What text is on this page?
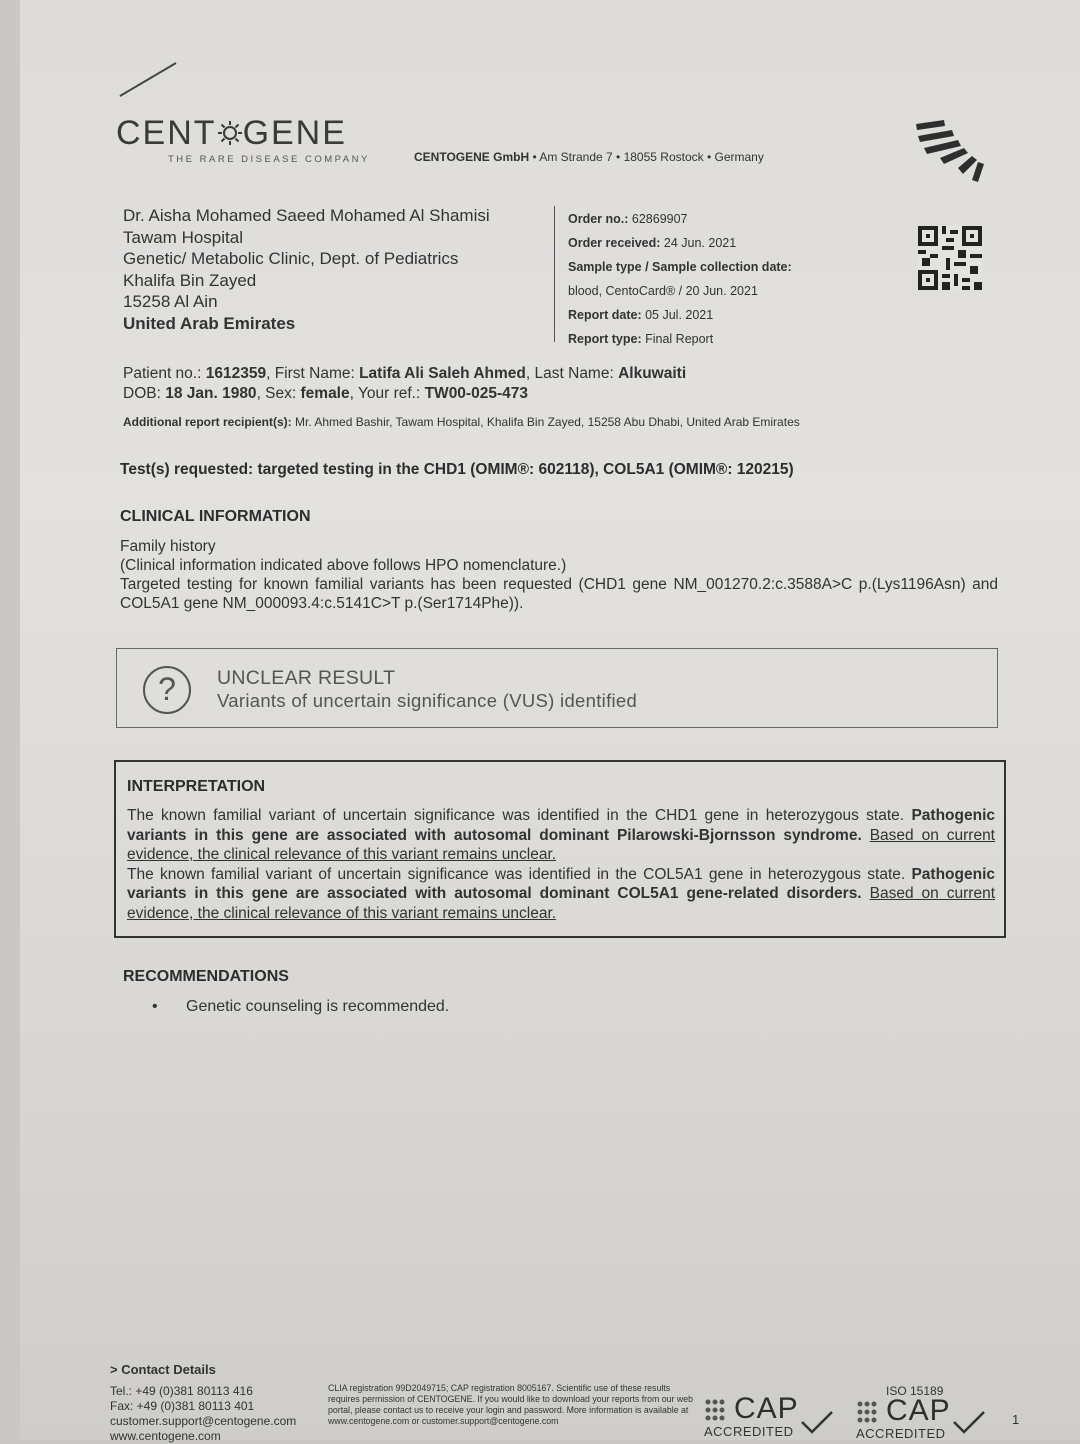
CENT GENE
THE RARE DISEASE COMPANY	CENTOGENE GmbH • Am Strande 7 • 18055 Rostock • Germany
Dr. Aisha Mohamed Saeed Mohamed Al Shamisi
Tawam Hospital
Genetic/ Metabolic Clinic, Dept. of Pediatrics
Khalifa Bin Zayed
15258 Al Ain
United Arab Emirates
Order no.: 62869907
Order received: 24 Jun. 2021
Sample type / Sample collection date:
blood, CentoCard® / 20 Jun. 2021
Report date: 05 Jul. 2021
Report type: Final Report
Patient no.: 1612359, First Name: Latifa Ali Saleh Ahmed, Last Name: Alkuwaiti
DOB: 18 Jan. 1980, Sex: female, Your ref.: TW00-025-473
Additional report recipient(s): Mr. Ahmed Bashir, Tawam Hospital, Khalifa Bin Zayed, 15258 Abu Dhabi, United Arab Emirates
Test(s) requested: targeted testing in the CHD1 (OMIM®: 602118), COL5A1 (OMIM®: 120215)
CLINICAL INFORMATION
Family history
(Clinical information indicated above follows HPO nomenclature.)
Targeted testing for known familial variants has been requested (CHD1 gene NM_001270.2:c.3588A>C p.(Lys1196Asn) and COL5A1 gene NM_000093.4:c.5141C>T p.(Ser1714Phe)).
?	UNCLEAR RESULT
Variants of uncertain significance (VUS) identified
INTERPRETATION

The known familial variant of uncertain significance was identified in the CHD1 gene in heterozygous state. Pathogenic variants in this gene are associated with autosomal dominant Pilarowski-Bjornsson syndrome. Based on current evidence, the clinical relevance of this variant remains unclear.

The known familial variant of uncertain significance was identified in the COL5A1 gene in heterozygous state. Pathogenic variants in this gene are associated with autosomal dominant COL5A1 gene-related disorders. Based on current evidence, the clinical relevance of this variant remains unclear.

RECOMMENDATIONS
• Genetic counseling is recommended.
> Contact Details
Tel.: +49 (0)381 80113 416
Fax: +49 (0)381 80113 401
customer.support@centogene.com
www.centogene.com
CLIA registration 99D2049715; CAP registration 8005167. Scientific use of these results requires permission of CENTOGENE. If you would like to download your reports from our web portal, please contact us to receive your login and password. More information is available at www.centogene.com or customer.support@centogene.com	CAP
ACCREDITED
ISO 15189
CAP
ACCREDITED
1
